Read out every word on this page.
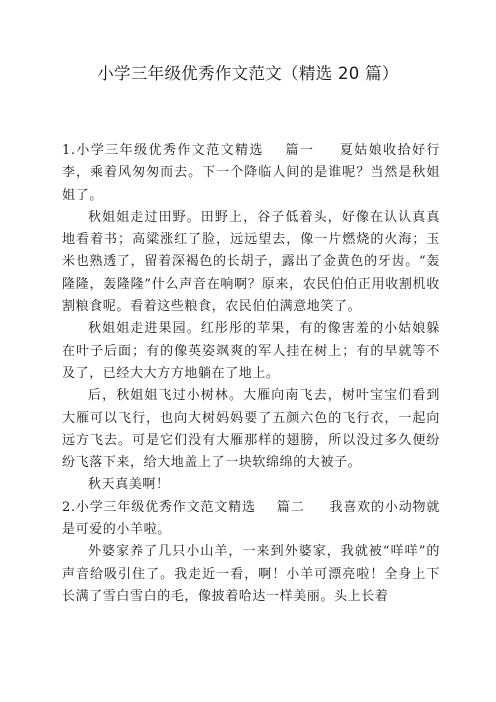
小学三年级优秀作文范文（精选 20 篇）

1.小学三年级优秀作文范文精选 篇一 夏姑娘收拾好行李，乘着风匆匆而去。下一个降临人间的是谁呢？当然是秋姐姐了。

秋姐姐走过田野。田野上，谷子低着头，好像在认认真真地看着书；高粱涨红了脸，远远望去，像一片燃烧的火海；玉米也熟透了，留着深褐色的长胡子，露出了金黄色的牙齿。“轰隆隆，轰隆隆”什么声音在响啊？原来，农民伯伯正用收割机收割粮食呢。看着这些粮食，农民伯伯满意地笑了。

秋姐姐走进果园。红彤彤的苹果，有的像害羞的小姑娘躲在叶子后面；有的像英姿飒爽的军人挂在树上；有的早就等不及了，已经大大方方地躺在了地上。

后，秋姐姐飞过小树林。大雁向南飞去，树叶宝宝们看到大雁可以飞行，也向大树妈妈要了五颜六色的飞行衣，一起向远方飞去。可是它们没有大雁那样的翅膀，所以没过多久便纷纷飞落下来，给大地盖上了一块软绵绵的大被子。

秋天真美啊！

2.小学三年级优秀作文范文精选 篇二 我喜欢的小动物就是可爱的小羊啦。

外婆家养了几只小山羊，一来到外婆家，我就被“咩咩”的声音给吸引住了。我走近一看，啊！小羊可漂亮啦！全身上下长满了雪白雪白的毛，像披着哈达一样美丽。头上长着
